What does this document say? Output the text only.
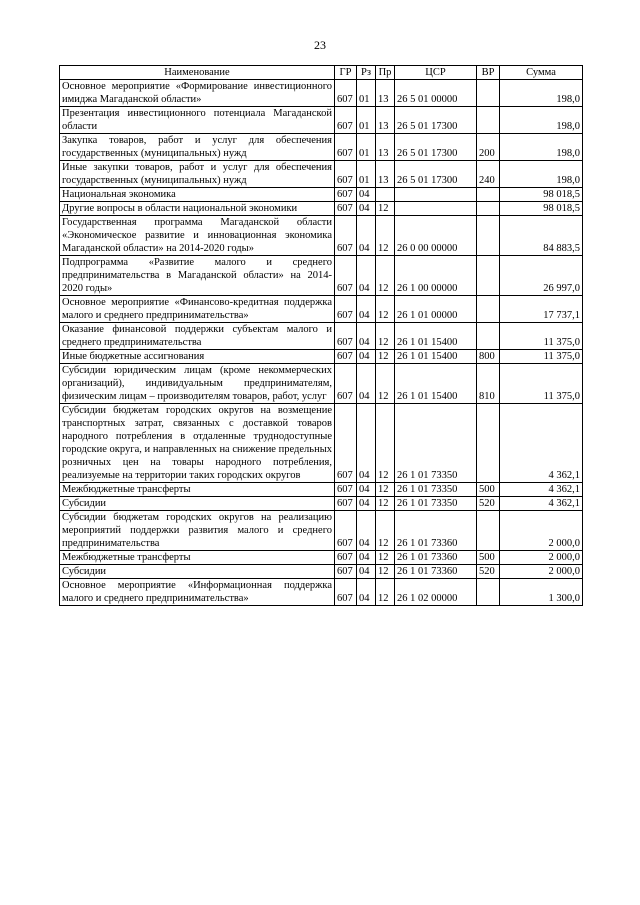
23
Наименование	ГР	Рз	Пр	ЦСР	ВР	Сумма
Основное мероприятие «Формирование инвестиционного имиджа Магаданской области»	607	01	13	26 5 01 00000		198,0
Презентация инвестиционного потенциала Магаданской области	607	01	13	26 5 01 17300		198,0
Закупка товаров, работ и услуг для обеспечения государственных (муниципальных) нужд	607	01	13	26 5 01 17300	200	198,0
Иные закупки товаров, работ и услуг для обеспечения государственных (муниципальных) нужд	607	01	13	26 5 01 17300	240	198,0
Национальная экономика	607	04				98 018,5
Другие вопросы в области национальной экономики	607	04	12			98 018,5
Государственная программа Магаданской области «Экономическое развитие и инновационная экономика Магаданской области» на 2014-2020 годы»	607	04	12	26 0 00 00000		84 883,5
Подпрограмма «Развитие малого и среднего предпринимательства в Магаданской области» на 2014-2020 годы»	607	04	12	26 1 00 00000		26 997,0
Основное мероприятие «Финансово-кредитная поддержка малого и среднего предпринимательства»	607	04	12	26 1 01 00000		17 737,1
Оказание финансовой поддержки субъектам малого и среднего предпринимательства	607	04	12	26 1 01 15400		11 375,0
Иные бюджетные ассигнования	607	04	12	26 1 01 15400	800	11 375,0
Субсидии юридическим лицам (кроме некоммерческих организаций), индивидуальным предпринимателям, физическим лицам – производителям товаров, работ, услуг	607	04	12	26 1 01 15400	810	11 375,0
Субсидии бюджетам городских округов на возмещение транспортных затрат, связанных с доставкой товаров народного потребления в отдаленные труднодоступные городские округа, и направленных на снижение предельных розничных цен на товары народного потребления, реализуемые на территории таких городских округов	607	04	12	26 1 01 73350		4 362,1
Межбюджетные трансферты	607	04	12	26 1 01 73350	500	4 362,1
Субсидии	607	04	12	26 1 01 73350	520	4 362,1
Субсидии бюджетам городских округов на реализацию мероприятий поддержки развития малого и среднего предпринимательства	607	04	12	26 1 01 73360		2 000,0
Межбюджетные трансферты	607	04	12	26 1 01 73360	500	2 000,0
Субсидии	607	04	12	26 1 01 73360	520	2 000,0
Основное мероприятие «Информационная поддержка малого и среднего предпринимательства»	607	04	12	26 1 02 00000		1 300,0
